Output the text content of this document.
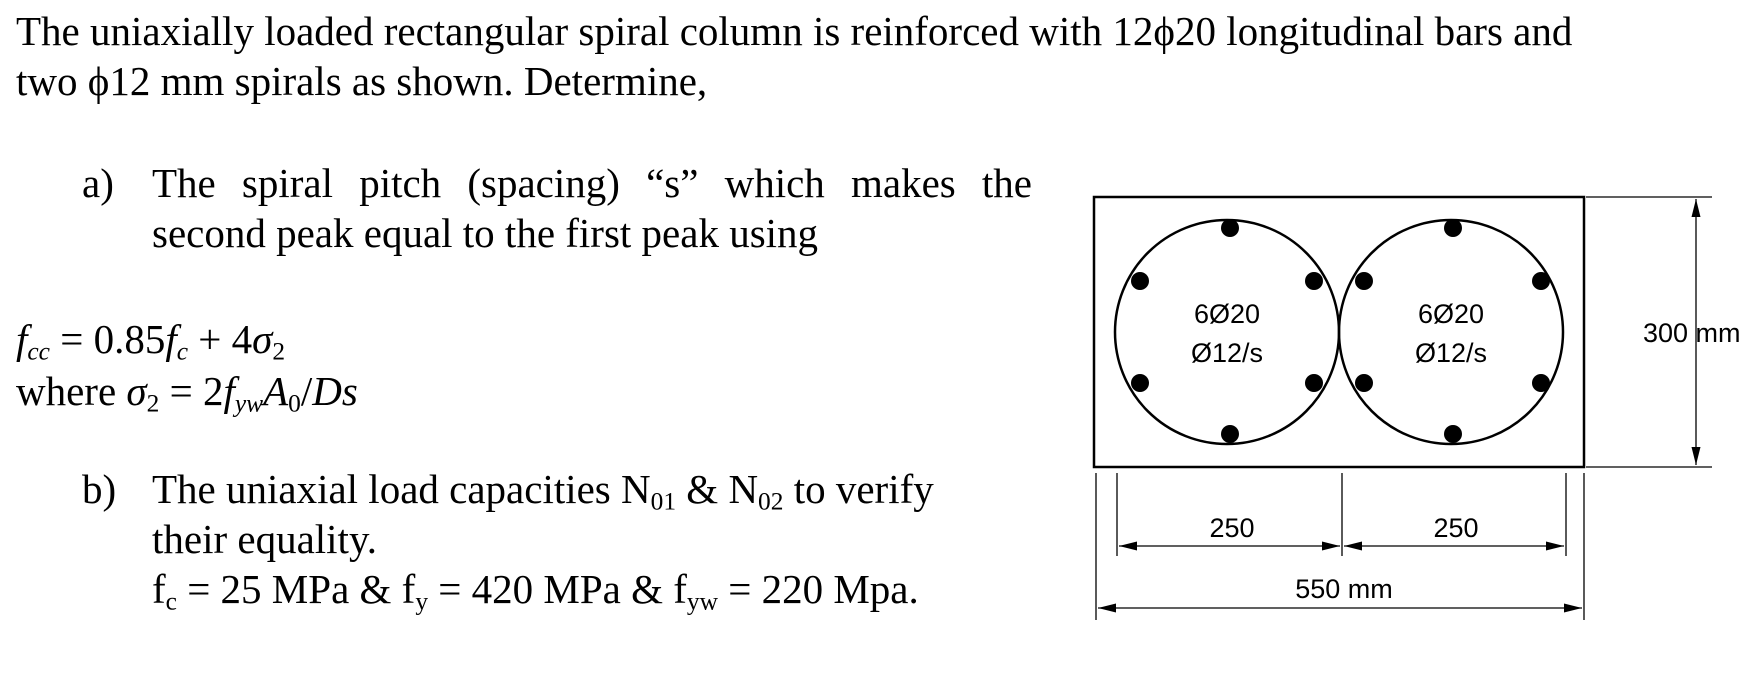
The uniaxially loaded rectangular spiral column is reinforced with 12ϕ20 longitudinal bars and
two ϕ12 mm spirals as shown. Determine,
a) The spiral pitch (spacing) “s” which makes the second peak equal to the first peak using
$f_{cc} = 0.85f_c + 4\sigma_2$
where $\sigma_2 = 2f_{yw}A_0/Ds$
b) The uniaxial load capacities $N_{01}$ & $N_{02}$ to verify
their equality.
$f_c = 25$ MPa & $f_y = 420$ MPa & $f_{yw} = 220$ Mpa.
6Ø20
Ø12/s
6Ø20
Ø12/s
300 mm
250	250
550 mm
